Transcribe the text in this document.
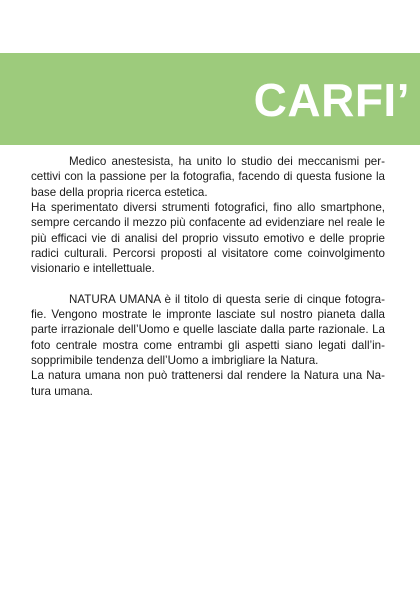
CARFI’

Medico anestesista, ha unito lo studio dei meccanismi percettivi con la passione per la fotografia, facendo di questa fusione la base della propria ricerca estetica.

Ha sperimentato diversi strumenti fotografici, fino allo smartphone, sempre cercando il mezzo più confacente ad evidenziare nel reale le più efficaci vie di analisi del proprio vissuto emotivo e delle proprie radici culturali. Percorsi proposti al visitatore come coinvolgimento visionario e intellettuale.

NATURA UMANA è il titolo di questa serie di cinque fotografie. Vengono mostrate le impronte lasciate sul nostro pianeta dalla parte irrazionale dell’Uomo e quelle lasciate dalla parte razionale. La foto centrale mostra come entrambi gli aspetti siano legati dall’insopprimibile tendenza dell’Uomo a imbrigliare la Natura.

La natura umana non può trattenersi dal rendere la Natura una Natura umana.
